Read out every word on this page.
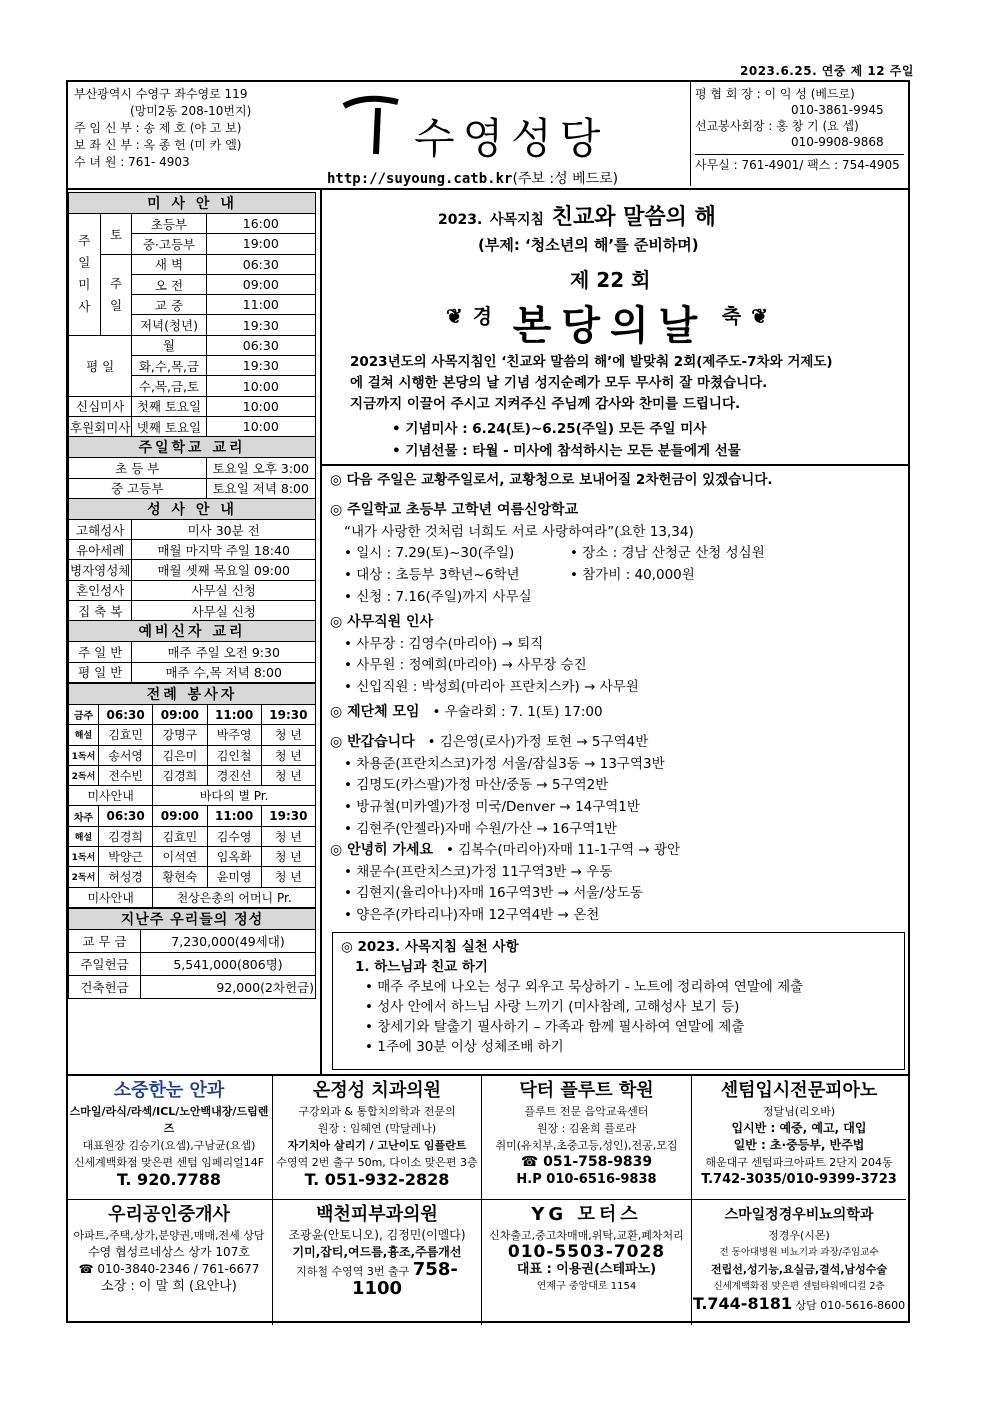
2023.6.25. 연중 제 12 주일
부산광역시 수영구 좌수영로 119
(망미2동 208-10번지)
주 임 신 부 : 송 제 호 (야 고 보)
보 좌 신 부 : 옥 종 헌 (미 카 엘)
수 녀 원 : 761- 4903	수영성당
http://suyoung.catb.kr(주보 :성 베드로)
평 협 회 장 : 이 익 성 (베드로)
010-3861-9945
선교봉사회장 : 홍 창 기 (요 셉)
010-9908-9868
사무실 : 761-4901/ 팩스 : 754-4905
미 사 안 내			
주
일
미
사	토	초등부	16:00
		중·고등부	19:00
	주
일	새 벽	06:30
		오 전	09:00
		교 중	11:00
		저녁(청년)	19:30
평 일		월	06:30
		화,수,목,금	19:30
		수,목,금,토	10:00
신심미사		첫째 토요일	10:00
후원회미사		넷째 토요일	10:00
주일학교 교리			
초 등 부			토요일 오후 3:00
중 고등부			토요일 저녁 8:00
성 사 안 내			
고해성사		미사 30분 전	
유아세례		매월 마지막 주일 18:40	
병자영성체		매월 셋째 목요일 09:00	
혼인성사		사무실 신청	
집 축 복		사무실 신청	
예비신자 교리			
주 일 반		매주 주일 오전 9:30	
평 일 반		매주 수,목 저녁 8:00	
전례 봉사자				
금주	06:30	09:00	11:00	19:30
해설	김효민	강명구	박주영	청 년
1독서	송서영	김은미	김인철	청 년
2독서	전수빈	김경희	경진선	청 년
미사안내		바다의 별 Pr.		
차주	06:30	09:00	11:00	19:30
해설	김경희	김효민	김수영	청 년
1독서	박양근	이석연	임옥화	청 년
2독서	허성경	황현숙	윤미영	청 년
미사안내		천상은총의 어머니 Pr.		
지난주 우리들의 정성	
교 무 금	7,230,000(49세대)
주일헌금	5,541,000(806명)
건축헌금	92,000(2차헌금)
2023. 사목지침 친교와 말씀의 해
(부제: ‘청소년의 해’를 준비하며)
제 22 회
❦경 본당의날 축❦
2023년도의 사목지침인 ‘친교와 말씀의 해’에 발맞춰 2회(제주도-7차와 거제도)
에 걸쳐 시행한 본당의 날 기념 성지순례가 모두 무사히 잘 마쳤습니다.
지금까지 이끌어 주시고 지켜주신 주님께 감사와 찬미를 드립니다.
• 기념미사 : 6.24(토)~6.25(주일) 모든 주일 미사
• 기념선물 : 타월 - 미사에 참석하시는 모든 분들에게 선물
◎ 다음 주일은 교황주일로서, 교황청으로 보내어질 2차헌금이 있겠습니다.
◎ 주일학교 초등부 고학년 여름신앙학교
“내가 사랑한 것처럼 너희도 서로 사랑하여라”(요한 13,34)
• 일시 : 7.29(토)~30(주일)	• 장소 : 경남 산청군 산청 성심원
• 대상 : 초등부 3학년~6학년	• 참가비 : 40,000원
• 신청 : 7.16(주일)까지 사무실
◎ 사무직원 인사
• 사무장 : 김영수(마리아) → 퇴직
• 사무원 : 정예희(마리아) → 사무장 승진
• 신입직원 : 박성희(마리아 프란치스카) → 사무원
◎ 제단체 모임 • 우술라회 : 7. 1(토) 17:00
◎ 반갑습니다 • 김은영(로사)가정 토현 → 5구역4반
• 차용준(프란치스코)가정 서울/잠실3동 → 13구역3반
• 김명도(카스팔)가정 마산/중동 → 5구역2반
• 방규철(미카엘)가정 미국/Denver → 14구역1반
• 김현주(안젤라)자매 수원/가산 → 16구역1반
◎ 안녕히 가세요 • 김복수(마리아)자매 11-1구역 → 광안
• 채문수(프란치스코)가정 11구역3반 → 우동
• 김현지(율리아나)자매 16구역3반 → 서울/상도동
• 양은주(카타리나)자매 12구역4반 → 온천
◎ 2023. 사목지침 실천 사항
1. 하느님과 친교 하기
• 매주 주보에 나오는 성구 외우고 묵상하기 - 노트에 정리하여 연말에 제출
• 성사 안에서 하느님 사랑 느끼기 (미사참례, 고해성사 보기 등)
• 창세기와 탈출기 필사하기 – 가족과 함께 필사하여 연말에 제출
• 1주에 30분 이상 성체조배 하기
소중한눈 안과
스마일/라식/라섹/ICL/노안백내장/드림렌즈
대표원장 김승기(요셉),구남균(요셉)
신세계백화점 맞은편 센텀 임페리얼14F
T. 920.7788
온정성 치과의원
구강외과 & 통합치의학과 전문의
원장 : 임혜연 (막달레나)
자기치아 살리기 / 고난이도 임플란트
수영역 2번 출구 50m, 다이소 맞은편 3층
T. 051-932-2828
닥터 플루트 학원
플루트 전문 음악교육센터
원장 : 김윤희 플로라
취미(유치부,초중고등,성인),전공,모집
☎ 051-758-9839
H.P 010-6516-9838
센텀입시전문피아노
정달님(리오바)
입시반 : 예중, 예고, 대입
일반 : 초·중등부, 반주법
해운대구 센텀파크아파트 2단지 204동
T.742-3035/010-9399-3723
우리공인중개사
아파트,주택,상가,분양권,매매,전세 상담
수영 협성르네상스 상가 107호
☎ 010-3840-2346 / 761-6677
소장 : 이 말 희 (요안나)
백천피부과의원
조광윤(안토니오), 김정민(이멜다)
기미,잡티,여드름,흉조,주름개선
지하철 수영역 3번 출구 758-1100
YG 모터스
신차출고,중고차매매,위탁,교환,폐차처리
010-5503-7028
대표 : 이용권(스테파노)
연제구 중앙대로 1154
스마일정경우비뇨의학과
정경우(시몬)
전 동아대병원 비뇨기과 과장/주임교수
전립선,성기능,요실금,결석,남성수술
신세계백화점 맞은편 센텀타워메디컬 2층
T.744-8181 상담 010-5616-8600
